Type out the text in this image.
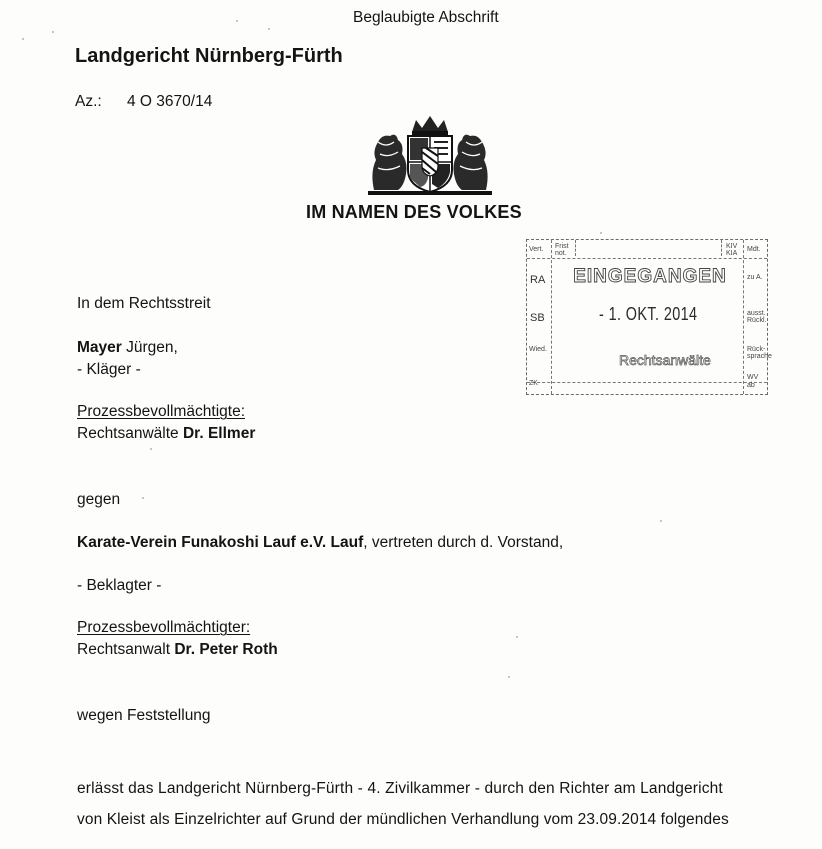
Beglaubigte Abschrift
Landgericht Nürnberg-Fürth
Az.: 4 O 3670/14
IM NAMEN DES VOLKES
Vert. Frist not.
KIV KIA
Mdt.
RA
SB
Wied.
ZK
zu A.
ausst. Rückl.
Rück-sprache
WV
ab
EINGEGANGEN
- 1. OKT. 2014
Rechtsanwälte
In dem Rechtsstreit
Mayer Jürgen,
- Kläger -
Prozessbevollmächtigte:
Rechtsanwälte Dr. Ellmer
gegen
Karate-Verein Funakoshi Lauf e.V. Lauf, vertreten durch d. Vorstand,
- Beklagter -
Prozessbevollmächtigter:
Rechtsanwalt Dr. Peter Roth
wegen Feststellung
erlässt das Landgericht Nürnberg-Fürth - 4. Zivilkammer - durch den Richter am Landgericht
von Kleist als Einzelrichter auf Grund der mündlichen Verhandlung vom 23.09.2014 folgendes
